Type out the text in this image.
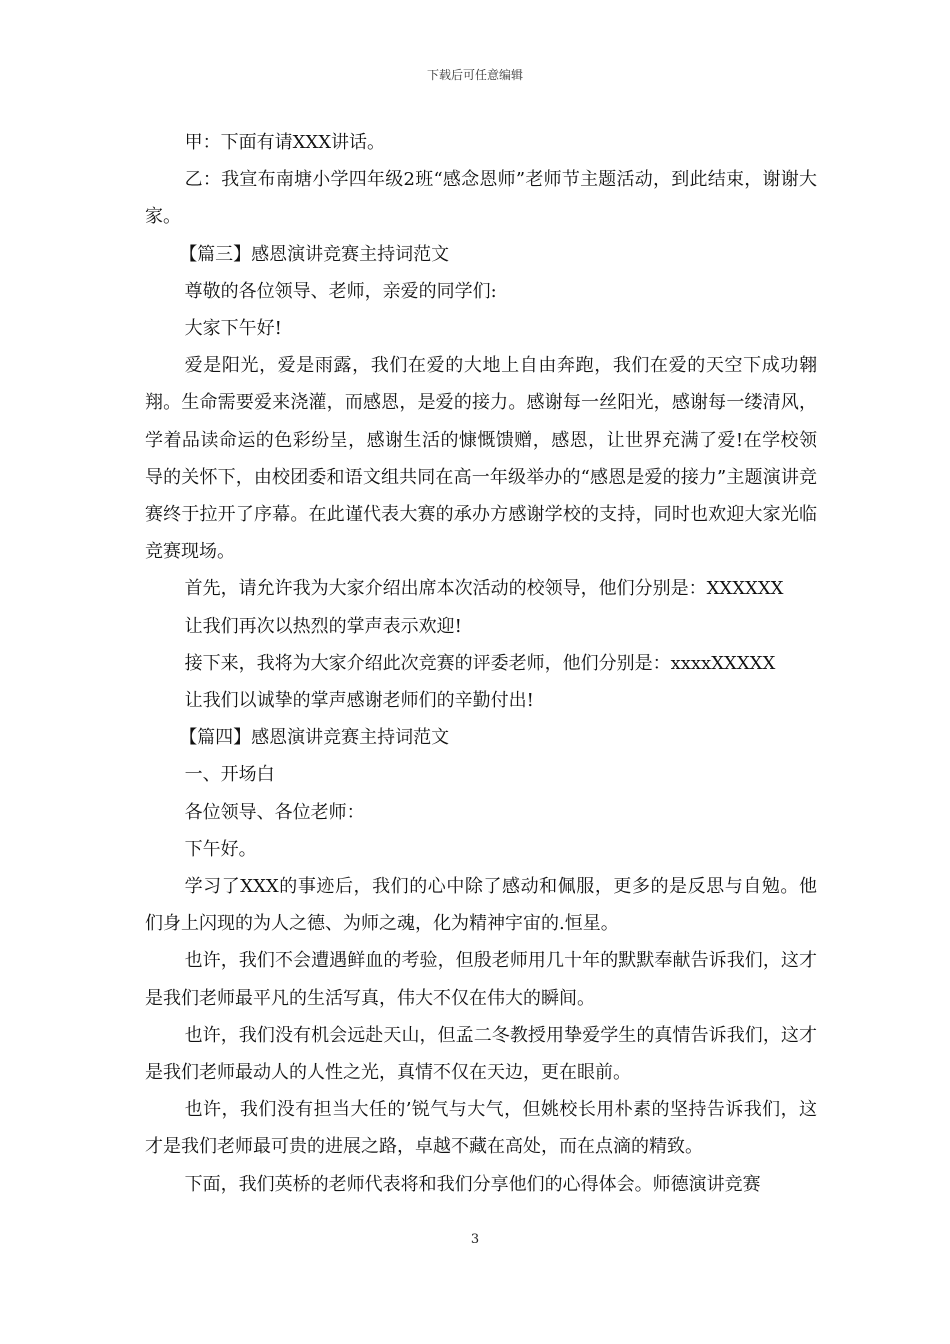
下载后可任意编辑

甲：下面有请XXX讲话。

乙：我宣布南塘小学四年级2班“感念恩师”老师节主题活动，到此结束，谢谢大家。

【篇三】感恩演讲竞赛主持词范文

尊敬的各位领导、老师，亲爱的同学们:

大家下午好!

爱是阳光，爱是雨露，我们在爱的大地上自由奔跑，我们在爱的天空下成功翱翔。生命需要爱来浇灌，而感恩，是爱的接力。感谢每一丝阳光，感谢每一缕清风，学着品读命运的色彩纷呈，感谢生活的慷慨馈赠，感恩，让世界充满了爱!在学校领导的关怀下，由校团委和语文组共同在高一年级举办的“感恩是爱的接力”主题演讲竞赛终于拉开了序幕。在此谨代表大赛的承办方感谢学校的支持，同时也欢迎大家光临竞赛现场。

首先，请允许我为大家介绍出席本次活动的校领导，他们分别是：XXXXXX

让我们再次以热烈的掌声表示欢迎!

接下来，我将为大家介绍此次竞赛的评委老师，他们分别是：xxxxXXXXX

让我们以诚挚的掌声感谢老师们的辛勤付出!

【篇四】感恩演讲竞赛主持词范文

一、开场白

各位领导、各位老师：

下午好。

学习了XXX的事迹后，我们的心中除了感动和佩服，更多的是反思与自勉。他们身上闪现的为人之德、为师之魂，化为精神宇宙的.恒星。

也许，我们不会遭遇鲜血的考验，但殷老师用几十年的默默奉献告诉我们，这才是我们老师最平凡的生活写真，伟大不仅在伟大的瞬间。

也许，我们没有机会远赴天山，但孟二冬教授用挚爱学生的真情告诉我们，这才是我们老师最动人的人性之光，真情不仅在天边，更在眼前。

也许，我们没有担当大任的’锐气与大气，但姚校长用朴素的坚持告诉我们，这才是我们老师最可贵的进展之路，卓越不藏在高处，而在点滴的精致。

下面，我们英桥的老师代表将和我们分享他们的心得体会。师德演讲竞赛

3
